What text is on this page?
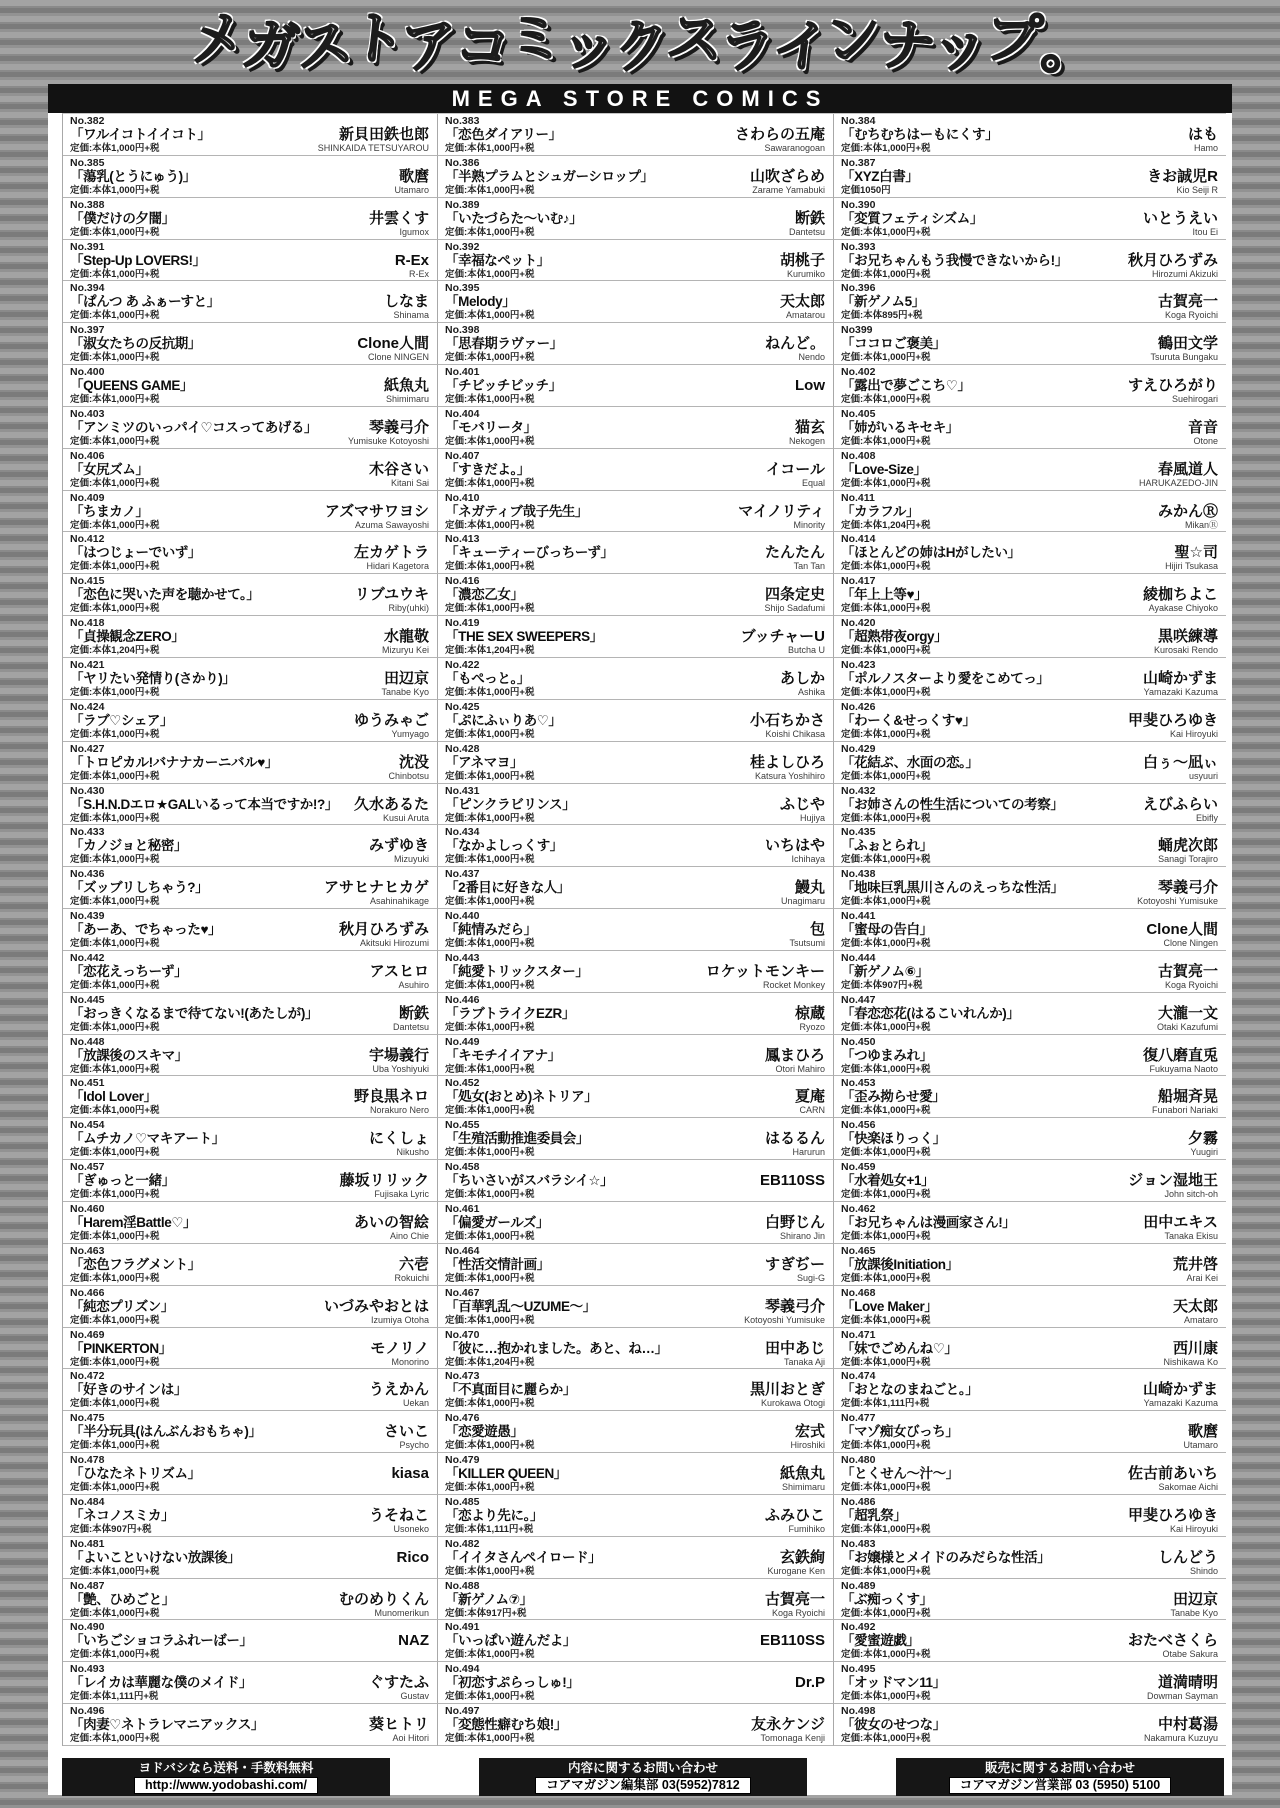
メガストアコミックスラインナップ。
MEGA STORE COMICS
No.382
「ワルイコトイイコト」
定価:本体1,000円+税
新貝田鉄也郎
SHINKAIDA TETSUYAROU
No.383
「恋色ダイアリー」
定価:本体1,000円+税
さわらの五庵
Sawaranogoan
No.384
「むちむちはーもにくす」
定価:本体1,000円+税
はも
Hamo
No.385
「蕩乳(とうにゅう)」
定価:本体1,000円+税
歌麿
Utamaro
No.386
「半熟プラムとシュガーシロップ」
定価:本体1,000円+税
山吹ざらめ
Zarame Yamabuki
No.387
「XYZ白書」
定価1050円
きお誠児R
Kio Seiji R
No.388
「僕だけの夕闇」
定価:本体1,000円+税
井雲くす
Igumox
No.389
「いたづらた〜いむ♪」
定価:本体1,000円+税
断鉄
Dantetsu
No.390
「変質フェティシズム」
定価:本体1,000円+税
いとうえい
Itou Ei
No.391
「Step-Up LOVERS!」
定価:本体1,000円+税
R-Ex
R-Ex
No.392
「幸福なペット」
定価:本体1,000円+税
胡桃子
Kurumiko
No.393
「お兄ちゃんもう我慢できないから!」
定価:本体1,000円+税
秋月ひろずみ
Hirozumi Akizuki
No.394
「ぱんつ あ ふぁーすと」
定価:本体1,000円+税
しなま
Shinama
No.395
「Melody」
定価:本体1,000円+税
天太郎
Amatarou
No.396
「新ゲノム5」
定価:本体895円+税
古賀亮一
Koga Ryoichi
No.397
「淑女たちの反抗期」
定価:本体1,000円+税
Clone人間
Clone NINGEN
No.398
「思春期ラヴァー」
定価:本体1,000円+税
ねんど。
Nendo
No399
「ココロご褒美」
定価:本体1,000円+税
鶴田文学
Tsuruta Bungaku
No.400
「QUEENS GAME」
定価:本体1,000円+税
紙魚丸
Shimimaru
No.401
「チビッチビッチ」
定価:本体1,000円+税
Low
No.402
「露出で夢ごこち♡」
定価:本体1,000円+税
すえひろがり
Suehirogari
No.403
「アンミツのいっパイ♡コスってあげる」
定価:本体1,000円+税
琴義弓介
Yumisuke Kotoyoshi
No.404
「モバリータ」
定価:本体1,000円+税
猫玄
Nekogen
No.405
「姉がいるキセキ」
定価:本体1,000円+税
音音
Otone
No.406
「女尻ズム」
定価:本体1,000円+税
木谷さい
Kitani Sai
No.407
「すきだよ。」
定価:本体1,000円+税
イコール
Equal
No.408
「Love-Size」
定価:本体1,000円+税
春風道人
HARUKAZEDO-JIN
No.409
「ちまカノ」
定価:本体1,000円+税
アズマサワヨシ
Azuma Sawayoshi
No.410
「ネガティブ哉子先生」
定価:本体1,000円+税
マイノリティ
Minority
No.411
「カラフル」
定価:本体1,204円+税
みかんⓇ
MikanⓇ
No.412
「はつじょーでいず」
定価:本体1,000円+税
左カゲトラ
Hidari Kagetora
No.413
「キューティーびっちーず」
定価:本体1,000円+税
たんたん
Tan Tan
No.414
「ほとんどの姉はHがしたい」
定価:本体1,000円+税
聖☆司
Hijiri Tsukasa
No.415
「恋色に哭いた声を聴かせて。」
定価:本体1,000円+税
リブユウキ
Riby(uhki)
No.416
「濃恋乙女」
定価:本体1,000円+税
四条定史
Shijo Sadafumi
No.417
「年上上等♥」
定価:本体1,000円+税
綾枷ちよこ
Ayakase Chiyoko
No.418
「貞操観念ZERO」
定価:本体1,204円+税
水龍敬
Mizuryu Kei
No.419
「THE SEX SWEEPERS」
定価:本体1,204円+税
ブッチャーU
Butcha U
No.420
「超熟帯夜orgy」
定価:本体1,000円+税
黒咲練導
Kurosaki Rendo
No.421
「ヤリたい発情り(さかり)」
定価:本体1,000円+税
田辺京
Tanabe Kyo
No.422
「もぺっと。」
定価:本体1,000円+税
あしか
Ashika
No.423
「ポルノスターより愛をこめてっ」
定価:本体1,000円+税
山崎かずま
Yamazaki Kazuma
No.424
「ラブ♡シェア」
定価:本体1,000円+税
ゆうみゃご
Yumyago
No.425
「ぷにふぃりあ♡」
定価:本体1,000円+税
小石ちかさ
Koishi Chikasa
No.426
「わーく&せっくす♥」
定価:本体1,000円+税
甲斐ひろゆき
Kai Hiroyuki
No.427
「トロピカル!バナナカーニバル♥」
定価:本体1,000円+税
沈没
Chinbotsu
No.428
「アネマヨ」
定価:本体1,000円+税
桂よしひろ
Katsura Yoshihiro
No.429
「花結ぶ、水面の恋。」
定価:本体1,000円+税
白ぅ〜凪ぃ
usyuuri
No.430
「S.H.N.Dエロ★GALいるって本当ですか!?」
定価:本体1,000円+税
久水あるた
Kusui Aruta
No.431
「ピンクラビリンス」
定価:本体1,000円+税
ふじや
Hujiya
No.432
「お姉さんの性生活についての考察」
定価:本体1,000円+税
えびふらい
Ebifly
No.433
「カノジョと秘密」
定価:本体1,000円+税
みずゆき
Mizuyuki
No.434
「なかよしっくす」
定価:本体1,000円+税
いちはや
Ichihaya
No.435
「ふぉとられ」
定価:本体1,000円+税
蛹虎次郎
Sanagi Torajiro
No.436
「ズッブリしちゃう?」
定価:本体1,000円+税
アサヒナヒカゲ
Asahinahikage
No.437
「2番目に好きな人」
定価:本体1,000円+税
鰻丸
Unagimaru
No.438
「地味巨乳黒川さんのえっちな性活」
定価:本体1,000円+税
琴義弓介
Kotoyoshi Yumisuke
No.439
「あーあ、でちゃった♥」
定価:本体1,000円+税
秋月ひろずみ
Akitsuki Hirozumi
No.440
「純情みだら」
定価:本体1,000円+税
包
Tsutsumi
No.441
「蜜母の告白」
定価:本体1,000円+税
Clone人間
Clone Ningen
No.442
「恋花えっちーず」
定価:本体1,000円+税
アスヒロ
Asuhiro
No.443
「純愛トリックスター」
定価:本体1,000円+税
ロケットモンキー
Rocket Monkey
No.444
「新ゲノム⑥」
定価:本体907円+税
古賀亮一
Koga Ryoichi
No.445
「おっきくなるまで待てない!(あたしが)」
定価:本体1,000円+税
断鉄
Dantetsu
No.446
「ラブトライクEZR」
定価:本体1,000円+税
椋蔵
Ryozo
No.447
「春恋恋花(はるこいれんか)」
定価:本体1,000円+税
大瀧一文
Otaki Kazufumi
No.448
「放課後のスキマ」
定価:本体1,000円+税
宇場義行
Uba Yoshiyuki
No.449
「キモチイイアナ」
定価:本体1,000円+税
鳳まひろ
Otori Mahiro
No.450
「つゆまみれ」
定価:本体1,000円+税
復八磨直兎
Fukuyama Naoto
No.451
「Idol Lover」
定価:本体1,000円+税
野良黒ネロ
Norakuro Nero
No.452
「処女(おとめ)ネトリア」
定価:本体1,000円+税
夏庵
CARN
No.453
「歪み拗らせ愛」
定価:本体1,000円+税
船堀斉晃
Funabori Nariaki
No.454
「ムチカノ♡マキアート」
定価:本体1,000円+税
にくしょ
Nikusho
No.455
「生殖活動推進委員会」
定価:本体1,000円+税
はるるん
Harurun
No.456
「快楽ほりっく」
定価:本体1,000円+税
夕霧
Yuugiri
No.457
「ぎゅっと一緒」
定価:本体1,000円+税
藤坂リリック
Fujisaka Lyric
No.458
「ちいさいがスバラシイ☆」
定価:本体1,000円+税
EB110SS
No.459
「水着処女+1」
定価:本体1,000円+税
ジョン湿地王
John sitch-oh
No.460
「Harem淫Battle♡」
定価:本体1,000円+税
あいの智絵
Aino Chie
No.461
「偏愛ガールズ」
定価:本体1,000円+税
白野じん
Shirano Jin
No.462
「お兄ちゃんは漫画家さん!」
定価:本体1,000円+税
田中エキス
Tanaka Ekisu
No.463
「恋色フラグメント」
定価:本体1,000円+税
六壱
Rokuichi
No.464
「性活交情計画」
定価:本体1,000円+税
すぎぢー
Sugi-G
No.465
「放課後Initiation」
定価:本体1,000円+税
荒井啓
Arai Kei
No.466
「純恋プリズン」
定価:本体1,000円+税
いづみやおとは
Izumiya Otoha
No.467
「百華乳乱〜UZUME〜」
定価:本体1,000円+税
琴義弓介
Kotoyoshi Yumisuke
No.468
「Love Maker」
定価:本体1,000円+税
天太郎
Amataro
No.469
「PINKERTON」
定価:本体1,000円+税
モノリノ
Monorino
No.470
「彼に…抱かれました。あと、ね…」
定価:本体1,204円+税
田中あじ
Tanaka Aji
No.471
「妹でごめんね♡」
定価:本体1,000円+税
西川康
Nishikawa Ko
No.472
「好きのサインは」
定価:本体1,000円+税
うえかん
Uekan
No.473
「不真面目に麗らか」
定価:本体1,000円+税
黒川おとぎ
Kurokawa Otogi
No.474
「おとなのまねごと。」
定価:本体1,111円+税
山崎かずま
Yamazaki Kazuma
No.475
「半分玩具(はんぶんおもちゃ)」
定価:本体1,000円+税
さいこ
Psycho
No.476
「恋愛遊愚」
定価:本体1,000円+税
宏式
Hiroshiki
No.477
「マゾ痴女びっち」
定価:本体1,000円+税
歌麿
Utamaro
No.478
「ひなたネトリズム」
定価:本体1,000円+税
kiasa
No.479
「KILLER QUEEN」
定価:本体1,000円+税
紙魚丸
Shimimaru
No.480
「とくせん〜汁〜」
定価:本体1,000円+税
佐古前あいち
Sakomae Aichi
No.484
「ネコノスミカ」
定価:本体907円+税
うそねこ
Usoneko
No.485
「恋より先に。」
定価:本体1,111円+税
ふみひこ
Fumihiko
No.486
「超乳祭」
定価:本体1,000円+税
甲斐ひろゆき
Kai Hiroyuki
No.481
「よいこといけない放課後」
定価:本体1,000円+税
Rico
No.482
「イイタさんペイロード」
定価:本体1,000円+税
玄鉄絢
Kurogane Ken
No.483
「お嬢様とメイドのみだらな性活」
定価:本体1,000円+税
しんどう
Shindo
No.487
「艶、ひめごと」
定価:本体1,000円+税
むのめりくん
Munomerikun
No.488
「新ゲノム⑦」
定価:本体917円+税
古賀亮一
Koga Ryoichi
No.489
「ぶ痴っくす」
定価:本体1,000円+税
田辺京
Tanabe Kyo
No.490
「いちごショコラふれーばー」
定価:本体1,000円+税
NAZ
No.491
「いっぱい遊んだよ」
定価:本体1,000円+税
EB110SS
No.492
「愛蜜遊戯」
定価:本体1,000円+税
おたべさくら
Otabe Sakura
No.493
「レイカは華麗な僕のメイド」
定価:本体1,111円+税
ぐすたふ
Gustav
No.494
「初恋すぷらっしゅ!」
定価:本体1,000円+税
Dr.P
No.495
「オッドマン11」
定価:本体1,000円+税
道満晴明
Dowman Sayman
No.496
「肉妻♡ネトラレマニアックス」
定価:本体1,000円+税
葵ヒトリ
Aoi Hitori
No.497
「変態性癖むち娘!」
定価:本体1,000円+税
友永ケンジ
Tomonaga Kenji
No.498
「彼女のせつな」
定価:本体1,000円+税
中村葛湯
Nakamura Kuzuyu
ヨドバシなら送料・手数料無料
http://www.yodobashi.com/
内容に関するお問い合わせ
コアマガジン編集部 03(5952)7812
販売に関するお問い合わせ
コアマガジン営業部 03 (5950) 5100
